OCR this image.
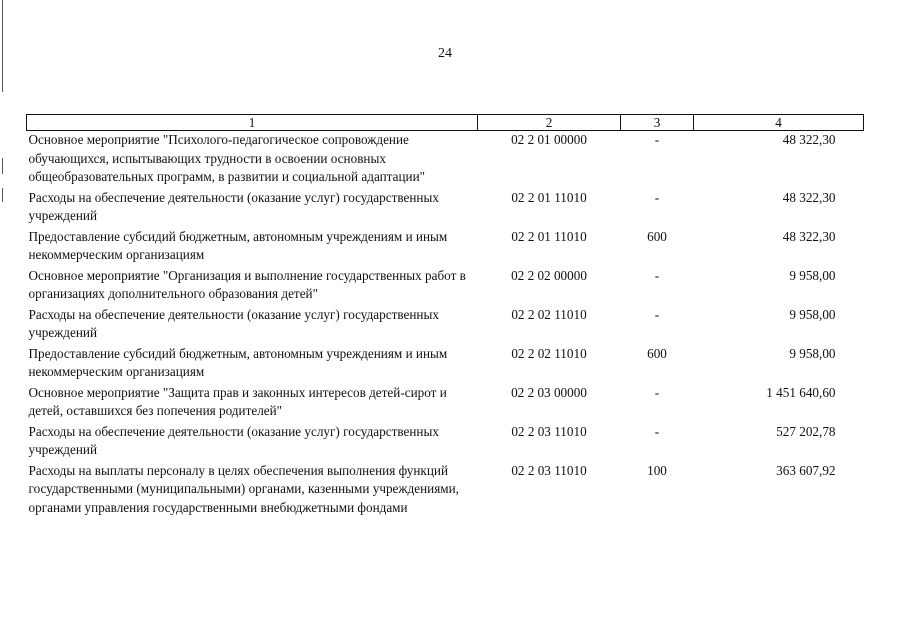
24
1	2	3	4
Основное мероприятие "Психолого-педагогическое сопровождение обучающихся, испытывающих трудности в освоении основных общеобразовательных программ, в развитии и социальной адаптации"	02 2 01 00000	-	48 322,30
Расходы на обеспечение деятельности (оказание услуг) государственных учреждений	02 2 01 11010	-	48 322,30
Предоставление субсидий бюджетным, автономным учреждениям и иным некоммерческим организациям	02 2 01 11010	600	48 322,30
Основное мероприятие "Организация и выполнение государственных работ в организациях дополнительного образования детей"	02 2 02 00000	-	9 958,00
Расходы на обеспечение деятельности (оказание услуг) государственных учреждений	02 2 02 11010	-	9 958,00
Предоставление субсидий бюджетным, автономным учреждениям и иным некоммерческим организациям	02 2 02 11010	600	9 958,00
Основное мероприятие "Защита прав и законных интересов детей-сирот и детей, оставшихся без попечения родителей"	02 2 03 00000	-	1 451 640,60
Расходы на обеспечение деятельности (оказание услуг) государственных учреждений	02 2 03 11010	-	527 202,78
Расходы на выплаты персоналу в целях обеспечения выполнения функций государственными (муниципальными) органами, казенными учреждениями, органами управления государственными внебюджетными фондами	02 2 03 11010	100	363 607,92
